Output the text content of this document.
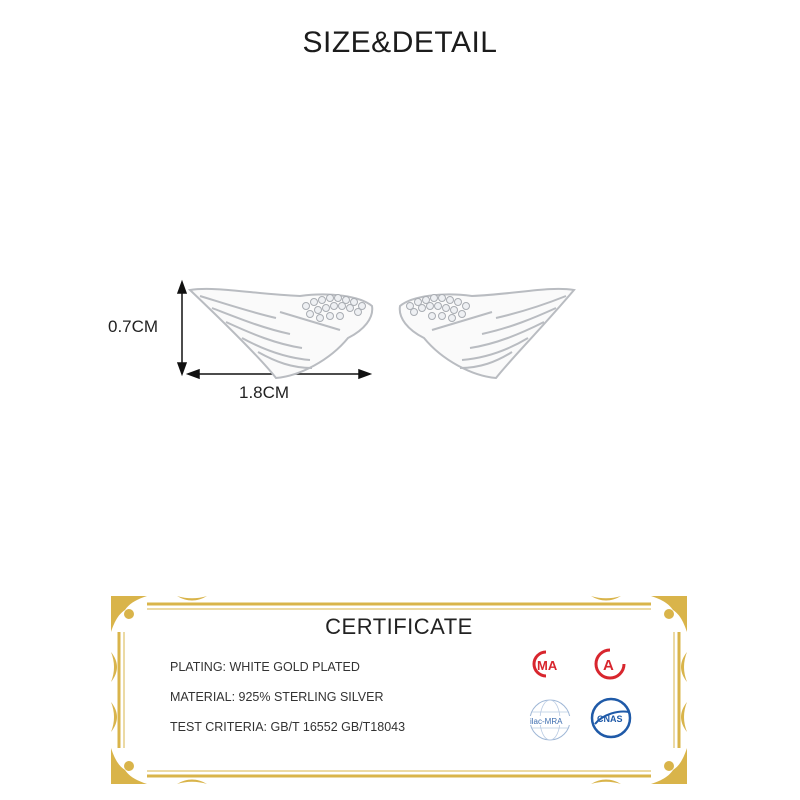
SIZE&DETAIL
0.7CM
1.8CM
CERTIFICATE
PLATING: WHITE GOLD PLATED
MATERIAL: 925% STERLING SILVER
TEST CRITERIA: GB/T 16552 GB/T18043
MA	A
ilac-MRA	CNAS
